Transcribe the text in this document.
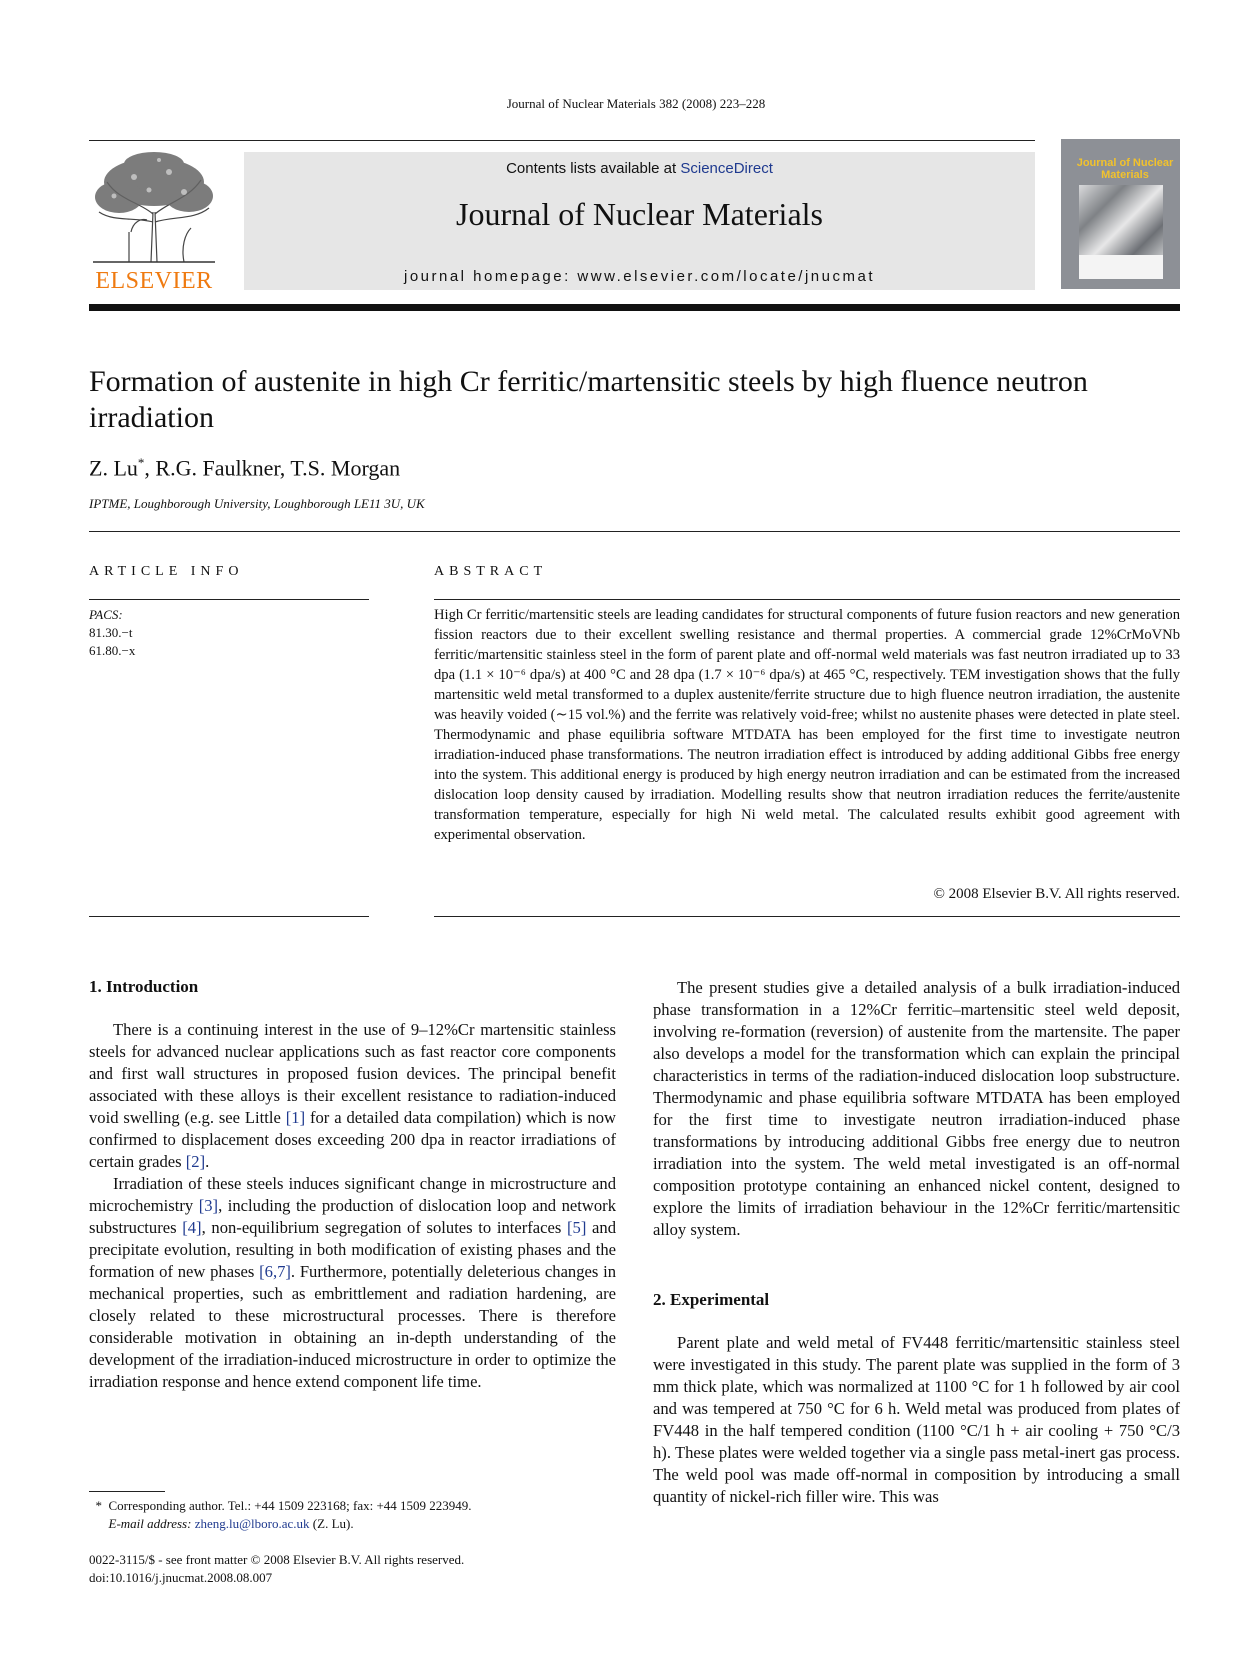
Journal of Nuclear Materials 382 (2008) 223–228
ELSEVIER
Contents lists available at ScienceDirect
Journal of Nuclear Materials
journal homepage: www.elsevier.com/locate/jnucmat
Journal of Nuclear Materials
Formation of austenite in high Cr ferritic/martensitic steels by high fluence neutron irradiation
Z. Lu*, R.G. Faulkner, T.S. Morgan
IPTME, Loughborough University, Loughborough LE11 3U, UK
ARTICLE INFO
PACS:
81.30.−t
61.80.−x
ABSTRACT
High Cr ferritic/martensitic steels are leading candidates for structural components of future fusion reactors and new generation fission reactors due to their excellent swelling resistance and thermal properties. A commercial grade 12%CrMoVNb ferritic/martensitic stainless steel in the form of parent plate and off-normal weld materials was fast neutron irradiated up to 33 dpa (1.1 × 10⁻⁶ dpa/s) at 400 °C and 28 dpa (1.7 × 10⁻⁶ dpa/s) at 465 °C, respectively. TEM investigation shows that the fully martensitic weld metal transformed to a duplex austenite/ferrite structure due to high fluence neutron irradiation, the austenite was heavily voided (∼15 vol.%) and the ferrite was relatively void-free; whilst no austenite phases were detected in plate steel. Thermodynamic and phase equilibria software MTDATA has been employed for the first time to investigate neutron irradiation-induced phase transformations. The neutron irradiation effect is introduced by adding additional Gibbs free energy into the system. This additional energy is produced by high energy neutron irradiation and can be estimated from the increased dislocation loop density caused by irradiation. Modelling results show that neutron irradiation reduces the ferrite/austenite transformation temperature, especially for high Ni weld metal. The calculated results exhibit good agreement with experimental observation.
© 2008 Elsevier B.V. All rights reserved.
1. Introduction

There is a continuing interest in the use of 9–12%Cr martensitic stainless steels for advanced nuclear applications such as fast reactor core components and first wall structures in proposed fusion devices. The principal benefit associated with these alloys is their excellent resistance to radiation-induced void swelling (e.g. see Little [1] for a detailed data compilation) which is now confirmed to displacement doses exceeding 200 dpa in reactor irradiations of certain grades [2].

Irradiation of these steels induces significant change in microstructure and microchemistry [3], including the production of dislocation loop and network substructures [4], non-equilibrium segregation of solutes to interfaces [5] and precipitate evolution, resulting in both modification of existing phases and the formation of new phases [6,7]. Furthermore, potentially deleterious changes in mechanical properties, such as embrittlement and radiation hardening, are closely related to these microstructural processes. There is therefore considerable motivation in obtaining an in-depth understanding of the development of the irradiation-induced microstructure in order to optimize the irradiation response and hence extend component life time.

The present studies give a detailed analysis of a bulk irradiation-induced phase transformation in a 12%Cr ferritic–martensitic steel weld deposit, involving re-formation (reversion) of austenite from the martensite. The paper also develops a model for the transformation which can explain the principal characteristics in terms of the radiation-induced dislocation loop substructure. Thermodynamic and phase equilibria software MTDATA has been employed for the first time to investigate neutron irradiation-induced phase transformations by introducing additional Gibbs free energy due to neutron irradiation into the system. The weld metal investigated is an off-normal composition prototype containing an enhanced nickel content, designed to explore the limits of irradiation behaviour in the 12%Cr ferritic/martensitic alloy system.

2. Experimental

Parent plate and weld metal of FV448 ferritic/martensitic stainless steel were investigated in this study. The parent plate was supplied in the form of 3 mm thick plate, which was normalized at 1100 °C for 1 h followed by air cool and was tempered at 750 °C for 6 h. Weld metal was produced from plates of FV448 in the half tempered condition (1100 °C/1 h + air cooling + 750 °C/3 h). These plates were welded together via a single pass metal-inert gas process. The weld pool was made off-normal in composition by introducing a small quantity of nickel-rich filler wire. This was

* Corresponding author. Tel.: +44 1509 223168; fax: +44 1509 223949.
E-mail address: zheng.lu@lboro.ac.uk (Z. Lu).
0022-3115/$ - see front matter © 2008 Elsevier B.V. All rights reserved.
doi:10.1016/j.jnucmat.2008.08.007
